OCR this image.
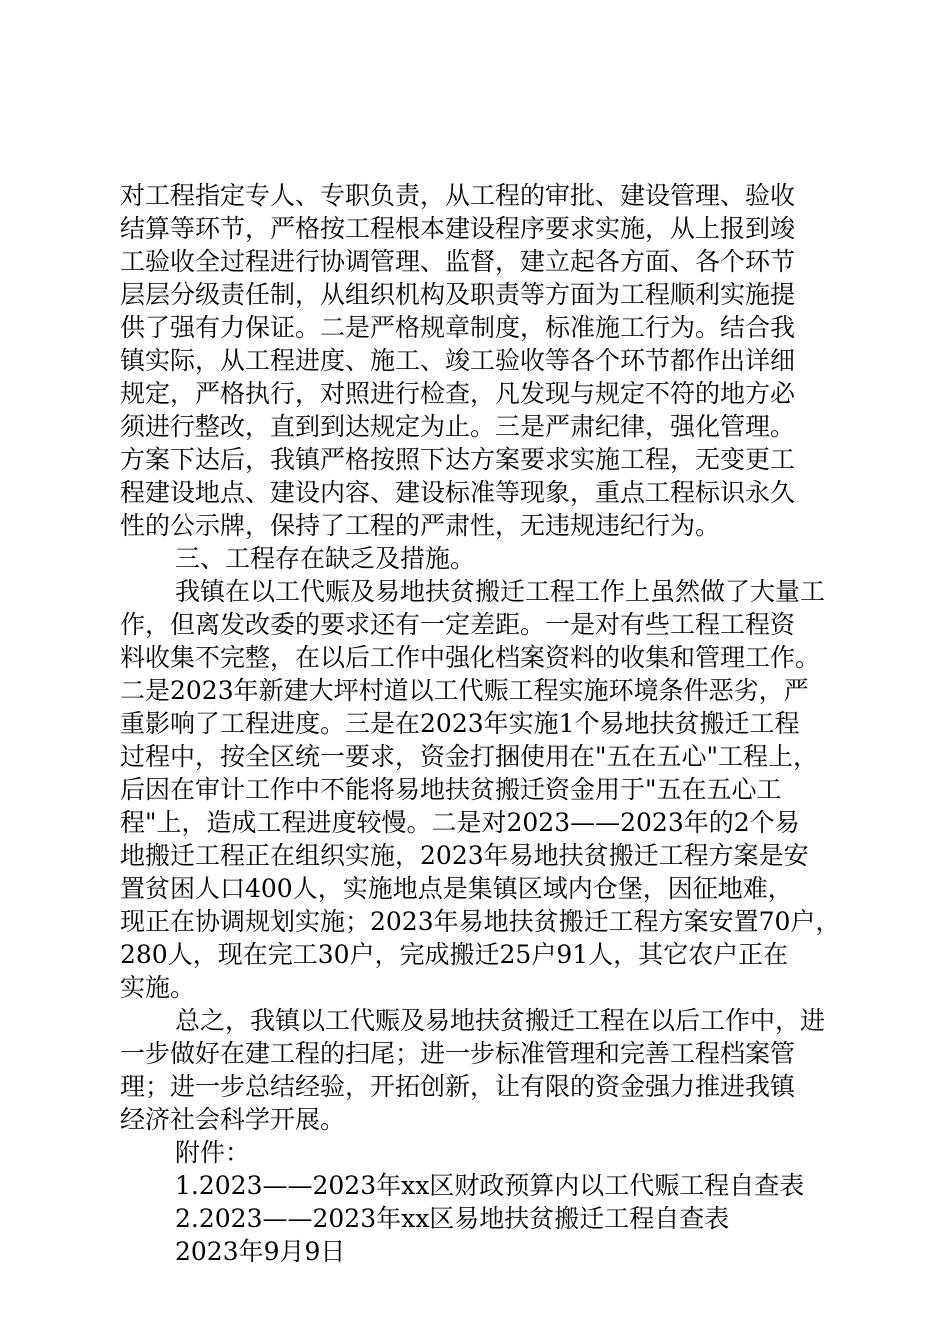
对工程指定专人、专职负责，从工程的审批、建设管理、验收
结算等环节，严格按工程根本建设程序要求实施，从上报到竣
工验收全过程进行协调管理、监督，建立起各方面、各个环节
层层分级责任制，从组织机构及职责等方面为工程顺利实施提
供了强有力保证。二是严格规章制度，标准施工行为。结合我
镇实际，从工程进度、施工、竣工验收等各个环节都作出详细
规定，严格执行，对照进行检查，凡发现与规定不符的地方必
须进行整改，直到到达规定为止。三是严肃纪律，强化管理。
方案下达后，我镇严格按照下达方案要求实施工程，无变更工
程建设地点、建设内容、建设标准等现象，重点工程标识永久
性的公示牌，保持了工程的严肃性，无违规违纪行为。
三、工程存在缺乏及措施。
我镇在以工代赈及易地扶贫搬迁工程工作上虽然做了大量工
作，但离发改委的要求还有一定差距。一是对有些工程工程资
料收集不完整，在以后工作中强化档案资料的收集和管理工作。
二是2023年新建大坪村道以工代赈工程实施环境条件恶劣，严
重影响了工程进度。三是在2023年实施1个易地扶贫搬迁工程
过程中，按全区统一要求，资金打捆使用在"五在五心"工程上，
后因在审计工作中不能将易地扶贫搬迁资金用于"五在五心工
程"上，造成工程进度较慢。二是对2023——2023年的2个易
地搬迁工程正在组织实施，2023年易地扶贫搬迁工程方案是安
置贫困人口400人，实施地点是集镇区域内仓堡，因征地难，
现正在协调规划实施；2023年易地扶贫搬迁工程方案安置70户，
280人，现在完工30户，完成搬迁25户91人，其它农户正在
实施。
总之，我镇以工代赈及易地扶贫搬迁工程在以后工作中，进
一步做好在建工程的扫尾；进一步标准管理和完善工程档案管
理；进一步总结经验，开拓创新，让有限的资金强力推进我镇
经济社会科学开展。
附件：
1.2023——2023年xx区财政预算内以工代赈工程自查表
2.2023——2023年xx区易地扶贫搬迁工程自查表
2023年9月9日
